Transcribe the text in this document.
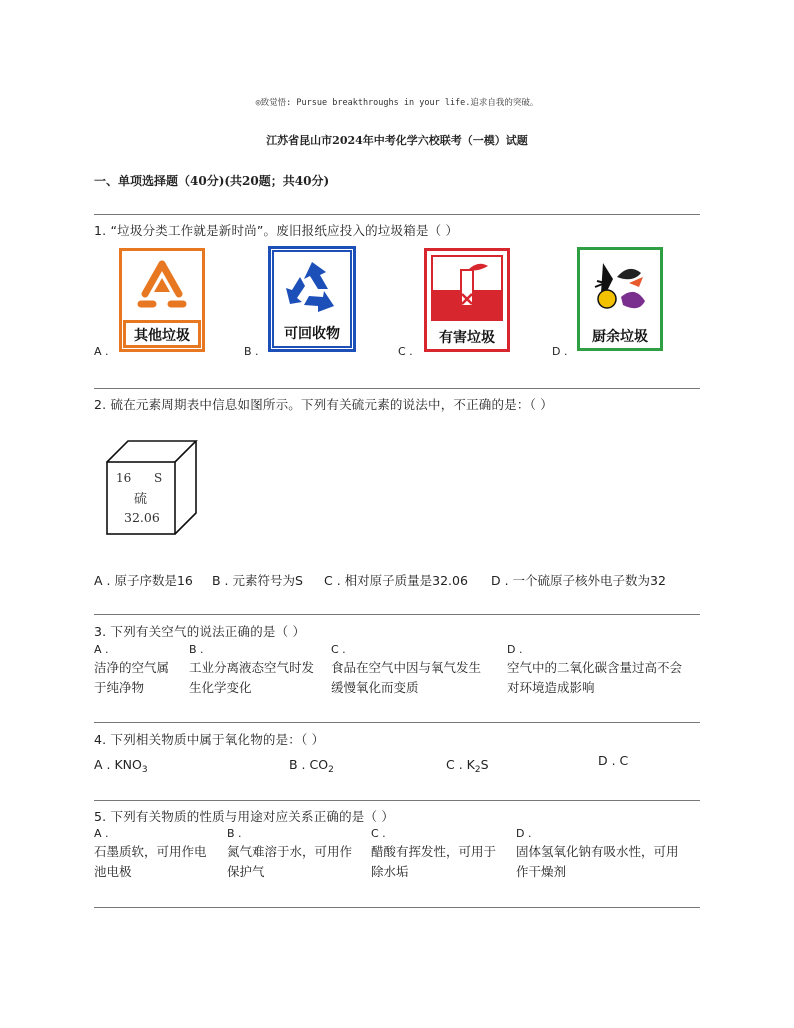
◎致觉悟: Pursue breakthroughs in your life.追求自我的突破。
江苏省昆山市2024年中考化学六校联考（一模）试题
一、单项选择题（40分)(共20题；共40分)
1. “垃圾分类工作就是新时尚”。废旧报纸应投入的垃圾箱是（ ）
A .
其他垃圾
B .
可回收物
C .
有害垃圾
D .
厨余垃圾
2. 硫在元素周期表中信息如图所示。下列有关硫元素的说法中，不正确的是：（ ）
16 S
硫
32.06
A . 原子序数是16 B . 元素符号为S C . 相对原子质量是32.06 D . 一个硫原子核外电子数为32
3. 下列有关空气的说法正确的是（ ）
A .
洁净的空气属
于纯净物
B .
工业分离液态空气时发
生化学变化
C .
食品在空气中因与氧气发生
缓慢氧化而变质
D .
空气中的二氧化碳含量过高不会
对环境造成影响
4. 下列相关物质中属于氧化物的是：（ ）
A . $KNO_3$	B . $CO_2$	C . $K_2S$	D . C
5. 下列有关物质的性质与用途对应关系正确的是（ ）
A .
石墨质软，可用作电
池电极
B .
氮气难溶于水，可用作
保护气
C .
醋酸有挥发性，可用于
除水垢
D .
固体氢氧化钠有吸水性，可用
作干燥剂
